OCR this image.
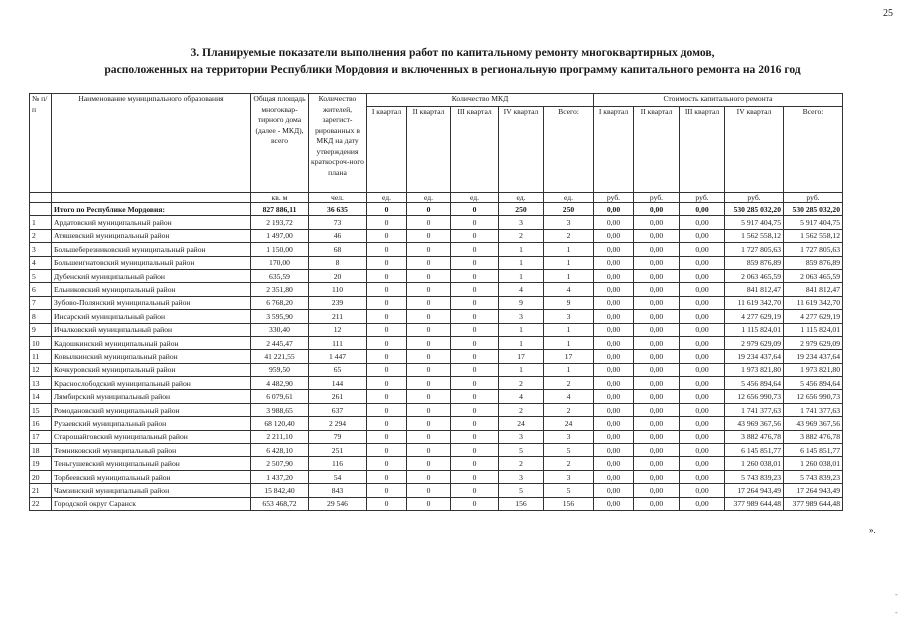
25
3. Планируемые показатели выполнения работ по капитальному ремонту многоквартирных домов,
расположенных на территории Республики Мордовия и включенных в региональную программу капитального ремонта на 2016 год
№ п/п	Наименование муниципального образования	Общая площадь многоквар-тирного дома (далее - МКД), всего	Количество жителей, зарегист-рированных в МКД на дату утверждения краткосроч-ного плана	Количество МКД					Стоимость капитального ремонта				
				I квартал	II квартал	III квартал	IV квартал	Всего:	I квартал	II квартал	III квартал	IV квартал	Всего:
		кв. м	чел.	ед.	ед.	ед.	ед.	ед.	руб.	руб.	руб.	руб.	руб.
	Итого по Республике Мордовия:	827 886,11	36 635	0	0	0	250	250	0,00	0,00	0,00	530 285 032,20	530 285 032,20
1	Ардатовский муниципальный район	2 193,72	73	0	0	0	3	3	0,00	0,00	0,00	5 917 404,75	5 917 404,75
2	Атяшевский муниципальный район	1 497,00	46	0	0	0	2	2	0,00	0,00	0,00	1 562 558,12	1 562 558,12
3	Большеберезниковский муниципальный район	1 150,00	68	0	0	0	1	1	0,00	0,00	0,00	1 727 805,63	1 727 805,63
4	Большеигнатовский муниципальный район	170,00	8	0	0	0	1	1	0,00	0,00	0,00	859 876,89	859 876,89
5	Дубенский муниципальный район	635,59	20	0	0	0	1	1	0,00	0,00	0,00	2 063 465,59	2 063 465,59
6	Ельниковский муниципальный район	2 351,80	110	0	0	0	4	4	0,00	0,00	0,00	841 812,47	841 812,47
7	Зубово-Полянский муниципальный район	6 768,20	239	0	0	0	9	9	0,00	0,00	0,00	11 619 342,70	11 619 342,70
8	Инсарский муниципальный район	3 595,90	211	0	0	0	3	3	0,00	0,00	0,00	4 277 629,19	4 277 629,19
9	Ичалковский муниципальный район	330,40	12	0	0	0	1	1	0,00	0,00	0,00	1 115 824,01	1 115 824,01
10	Кадошкинский муниципальный район	2 445,47	111	0	0	0	1	1	0,00	0,00	0,00	2 979 629,09	2 979 629,09
11	Ковылкинский муниципальный район	41 221,55	1 447	0	0	0	17	17	0,00	0,00	0,00	19 234 437,64	19 234 437,64
12	Кочкуровский муниципальный район	959,50	65	0	0	0	1	1	0,00	0,00	0,00	1 973 821,80	1 973 821,80
13	Краснослободский муниципальный район	4 482,90	144	0	0	0	2	2	0,00	0,00	0,00	5 456 894,64	5 456 894,64
14	Лямбирский муниципальный район	6 079,61	261	0	0	0	4	4	0,00	0,00	0,00	12 656 990,73	12 656 990,73
15	Ромодановский муниципальный район	3 988,65	637	0	0	0	2	2	0,00	0,00	0,00	1 741 377,63	1 741 377,63
16	Рузаевский муниципальный район	68 120,40	2 294	0	0	0	24	24	0,00	0,00	0,00	43 969 367,56	43 969 367,56
17	Старошайговский муниципальный район	2 211,10	79	0	0	0	3	3	0,00	0,00	0,00	3 882 476,78	3 882 476,78
18	Темниковский муниципальный район	6 428,10	251	0	0	0	5	5	0,00	0,00	0,00	6 145 851,77	6 145 851,77
19	Теньгушевский муниципальный район	2 507,90	116	0	0	0	2	2	0,00	0,00	0,00	1 260 038,01	1 260 038,01
20	Торбеевский муниципальный район	1 437,20	54	0	0	0	3	3	0,00	0,00	0,00	5 743 839,23	5 743 839,23
21	Чамзинский муниципальный район	15 842,40	843	0	0	0	5	5	0,00	0,00	0,00	17 264 943,49	17 264 943,49
22	Городской округ Саранск	653 468,72	29 546	0	0	0	156	156	0,00	0,00	0,00	377 989 644,48	377 989 644,48
».
-
-
